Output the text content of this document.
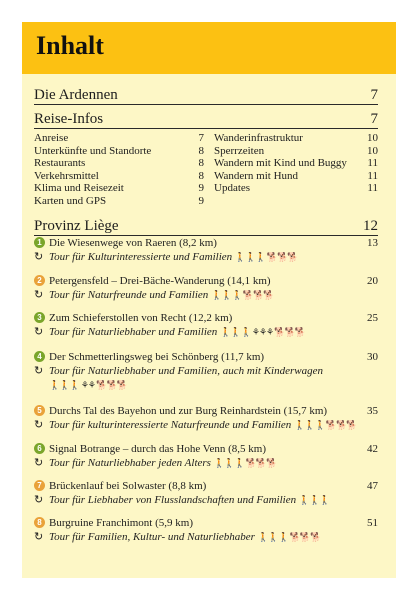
Inhalt
Die Ardennen	7
Reise-Infos	7
Anreise	7
Unterkünfte und Standorte	8
Restaurants	8
Verkehrsmittel	8
Klima und Reisezeit	9
Karten und GPS	9
Wanderinfrastruktur	10
Sperrzeiten	10
Wandern mit Kind und Buggy 11
Wandern mit Hund	11
Updates	11
Provinz Liège	12
1 Die Wiesenwege von Raeren (8,2 km)	13
↻ Tour für Kulturinteressierte und Familien 🚶🚶🚶 🐕🐕🐕
2 Petergensfeld – Drei-Bäche-Wanderung (14,1 km)	20
↻ Tour für Naturfreunde und Familien 🚶🚶🚶 🐕🐕🐕
3 Zum Schieferstollen von Recht (12,2 km)	25
↻ Tour für Naturliebhaber und Familien 🚶🚶🚶 ⚘⚘⚘ 🐕🐕🐕
4 Der Schmetterlingsweg bei Schönberg (11,7 km)	30
↻ Tour für Naturliebhaber und Familien, auch mit Kinderwagen
🚶🚶🚶 ⚘⚘ 🐕🐕🐕
5 Durchs Tal des Bayehon und zur Burg Reinhardstein (15,7 km)	35
↻ Tour für kulturinteressierte Naturfreunde und Familien 🚶🚶🚶 🐕🐕🐕
6 Signal Botrange – durch das Hohe Venn (8,5 km)	42
↻ Tour für Naturliebhaber jeden Alters 🚶🚶🚶 🐕🐕🐕
7 Brückenlauf bei Solwaster (8,8 km)	47
↻ Tour für Liebhaber von Flusslandschaften und Familien 🚶🚶🚶
8 Burgruine Franchimont (5,9 km)	51
↻ Tour für Familien, Kultur- und Naturliebhaber 🚶🚶🚶 🐕🐕🐕
